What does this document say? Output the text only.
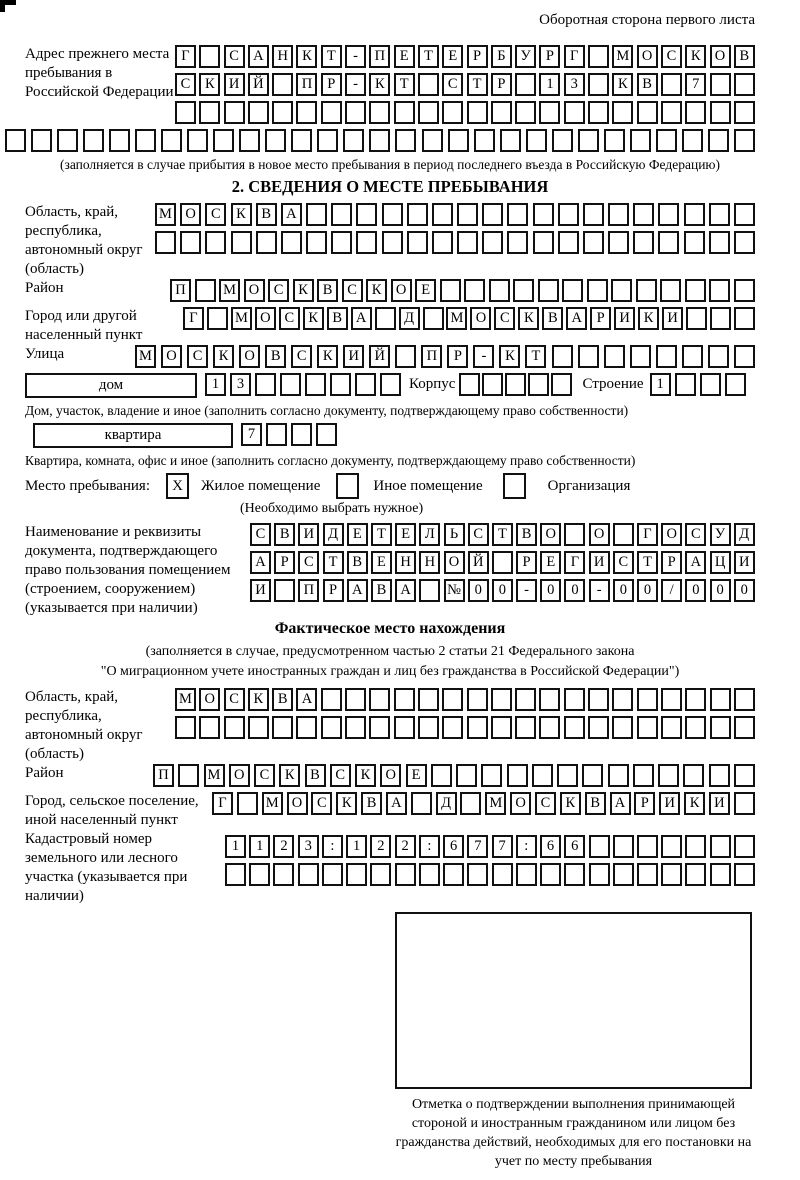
Оборотная сторона первого листа
Адрес прежнего места пребывания в Российской Федерации
Г	С А Н К	Т	-	П	Е	Т	Е	Р	Б	У	Р	Г	М О С	К О В
С	К И Й	П	Р	-	К	Т	С	Т	Р	1	3	К	В	7
(заполняется в случае прибытия в новое место пребывания в период последнего въезда в Российскую Федерацию)
2. СВЕДЕНИЯ О МЕСТЕ ПРЕБЫВАНИЯ
Область, край, республика, автономный округ (область)
М О	С	К	В	А
Район	П	М О С	К	В	С	К О	Е
Город или другой населенный пункт
Г	М О С К В А	Д	М О С К В А	Р	И К И
Улица	М О	С	К	О	В	С	К	И	Й	П	Р	-	К	Т
дом	1	3	Корпус	Строение 1
Дом, участок, владение и иное (заполнить согласно документу, подтверждающему право собственности)
квартира	7
Квартира, комната, офис и иное (заполнить согласно документу, подтверждающему право собственности)
Место пребывания:	X	Жилое помещение	Иное помещение	Организация
(Необходимо выбрать нужное)
Наименование и реквизиты документа, подтверждающего право пользования помещением (строением, сооружением) (указывается при наличии)
С	В И Д	Е	Т	Е	Л	Ь	С	Т	В О	О	Г	О С У Д
А	Р	С	Т	В	Е	Н Н О Й	Р	Е	Г	И С	Т	Р	А Ц И
И	П	Р	А В А	№ 0	0	-	0	0	-	0	0	/	0	0	0
Фактическое место нахождения
(заполняется в случае, предусмотренном частью 2 статьи 21 Федерального закона
"О миграционном учете иностранных граждан и лиц без гражданства в Российской Федерации")
Область, край, республика, автономный округ (область)
М О С	К	В А
Район	П	М О	С	К	В	С	К	О	Е
Город, сельское поселение, иной населенный пункт
Г	М О	С	К	В	А	Д	М О	С	К	В	А	Р	И	К	И
Кадастровый номер земельного или лесного участка (указывается при наличии)
1	1	2	3	:	1	2	2	:	6	7	7	:	6	6
Отметка о подтверждении выполнения принимающей стороной и иностранным гражданином или лицом без гражданства действий, необходимых для его постановки на учет по месту пребывания
